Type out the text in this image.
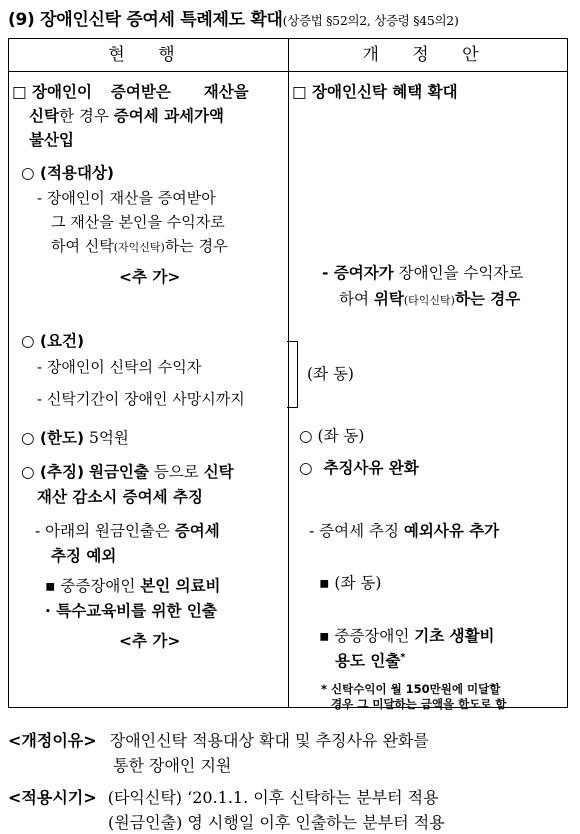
(9) 장애인신탁 증여세 특례제도 확대(상증법 §52의2, 상증령 §45의2)
현 행	개 정 안
□ 장애인이 증여받은 재산을
신탁한 경우 증여세 과세가액
불산입
○ (적용대상)
- 장애인이 재산을 증여받아
그 재산을 본인을 수익자로
하여 신탁(자익신탁)하는 경우
<추 가>
○ (요건)
- 장애인이 신탁의 수익자
- 신탁기간이 장애인 사망시까지
○ (한도) 5억원
○ (추징) 원금인출 등으로 신탁
재산 감소시 증여세 추징
- 아래의 원금인출은 증여세
추징 예외
▪ 중증장애인 본인 의료비
· 특수교육비를 위한 인출
<추 가>
□ 장애인신탁 혜택 확대
- 증여자가 장애인을 수익자로
하여 위탁(타익신탁)하는 경우
(좌 동)
○ (좌 동)
○ 추징사유 완화
- 증여세 추징 예외사유 추가
▪ (좌 동)
▪ 중증장애인 기초 생활비
용도 인출*
* 신탁수익이 월 150만원에 미달할
경우 그 미달하는 금액을 한도로 함
<개정이유> 장애인신탁 적용대상 확대 및 추징사유 완화를
통한 장애인 지원
<적용시기> (타익신탁) ‘20.1.1. 이후 신탁하는 분부터 적용
(원금인출) 영 시행일 이후 인출하는 분부터 적용
